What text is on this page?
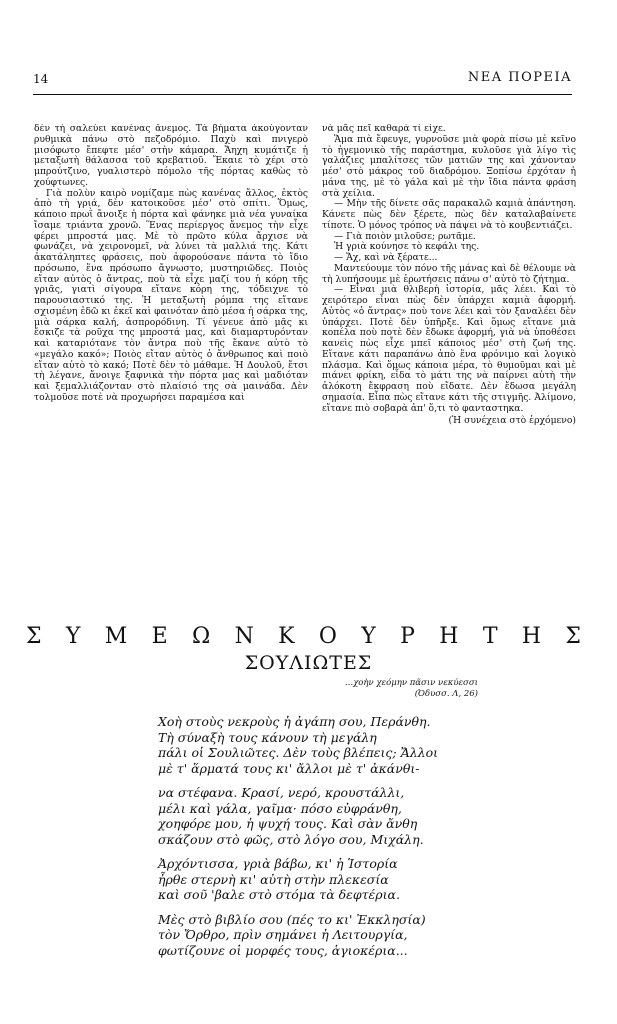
14	ΝΕΑ ΠΟΡΕΙΑ

δὲν τὴ σαλεύει κανένας ἄνεμος. Τὰ βήματα ἀκούγονταν ρυθμικὰ πάνω στὸ πεζοδρόμιο. Παχὺ καὶ πνιγερὸ μισόφωτο ἔπεφτε μέσ' στὴν κάμαρα. Ἄηχη κυμάτιζε ἡ μεταξωτὴ θάλασσα τοῦ κρεβατιοῦ. Ἔκαιε τὸ χέρι στὸ μπρούτζινο, γυαλιστερὸ πόμολο τῆς πόρτας καθὼς τὸ χούφτωνες.

Γιὰ πολὺν καιρὸ νομίζαμε πὼς κανένας ἄλλος, ἐκτὸς ἀπὸ τὴ γριά, δὲν κατοικοῦσε μέσ' στὸ σπίτι. Ὅμως, κάποιο πρωῒ ἄνοιξε ἡ πόρτα καὶ φάνηκε μιὰ νέα γυναίκα ἴσαμε τριάντα χρονῶ. Ἕνας περίεργος ἄνεμος τὴν εἶχε φέρει μπροστά μας. Μὲ τὸ πρῶτο κύλα ἄρχισε νὰ φωνάζει, νὰ χειρονομεῖ, νὰ λύνει τὰ μαλλιά της. Κάτι ἀκατάληπτες φράσεις, ποὺ ἀφορούσανε πάντα τὸ ἴδιο πρόσωπο, ἕνα πρόσωπο ἄγνωστο, μυστηριῶδες. Ποιὸς εἴταν αὐτὸς ὁ ἄντρας, ποὺ τὰ εἶχε μαζί του ἡ κόρη τῆς γριᾶς, γιατὶ σίγουρα εἴτανε κόρη της, τόδειχνε τὸ παρουσιαστικό της. Ἡ μεταξωτὴ ρόμπα της εἴτανε σχισμένη ἐδῶ κι ἐκεῖ καὶ φαινόταν ἀπὸ μέσα ἡ σάρκα της, μιὰ σάρκα καλή, ἀσπρορόδινη. Τί γένευε ἀπὸ μᾶς κι ἔσκιζε τὰ ροῦχα της μπροστά μας, καὶ διαμαρτυρόνταν καὶ καταριότανε τὸν ἄντρα ποὺ τῆς ἔκανε αὐτὸ τὸ «μεγάλο κακό»; Ποιὸς εἴταν αὐτὸς ὁ ἄνθρωπος καὶ ποιὸ εἴταν αὐτὸ τὸ κακό; Ποτὲ δὲν τὸ μάθαμε. Ἡ Δουλοῦ, ἔτσι τὴ λέγανε, ἄνοιγε ξαφνικὰ τὴν πόρτα μας καὶ μαδιόταν καὶ ξεμαλλιάζονταν στὸ πλαίσιό της σὰ μαινάδα. Δὲν τολμοῦσε ποτὲ νὰ προχωρήσει παραμέσα καὶ

νὰ μᾶς πεῖ καθαρὰ τί εἶχε.

Ἅμα πιὰ ἔφευγε, γυρνοῦσε μιὰ φορὰ πίσω μὲ κεῖνο τὸ ἡγεμονικὸ τῆς παράστημα, κυλοῦσε γιὰ λίγο τὶς γαλάζιες μπαλίτσες τῶν ματιῶν της καὶ χάνονταν μέσ' στὸ μάκρος τοῦ διαδρόμου. Ξοπίσω ἐρχόταν ἡ μάνα της, μὲ τὸ γάλα καὶ μὲ τὴν ἴδια πάντα φράση στὰ χείλια.

— Μὴν τῆς δίνετε σᾶς παρακαλῶ καμιὰ ἀπάντηση. Κάνετε πὼς δὲν ξέρετε, πὼς δὲν καταλαβαίνετε τίποτε. Ὁ μόνος τρόπος νὰ πάψει νὰ τὸ κουβεντιάζει.

— Γιὰ ποιὸν μιλοῦσε; ρωτᾶμε.

Ἡ γριὰ κούνησε τὸ κεφάλι της.

— Ἄχ, καὶ νὰ ξέρατε...

Μαντεύουμε τὸν πόνο τῆς μάνας καὶ δὲ θέλουμε νὰ τὴ λυπήσουμε μὲ ἐρωτήσεις πάνω σ' αὐτὸ τὸ ζήτημα.

— Εἶναι μιὰ θλιβερὴ ἱστορία, μᾶς λέει. Καὶ τὸ χειρότερο εἶναι πὼς δὲν ὑπάρχει καμιὰ ἀφορμή. Αὐτὸς «ὁ ἄντρας» ποὺ τονε λέει καὶ τὸν ξαναλέει δὲν ὑπάρχει. Ποτὲ δὲν ὑπῆρξε. Καὶ ὅμως εἴτανε μιὰ κοπέλα ποὺ ποτὲ δὲν ἔδωκε ἀφορμή, γιὰ νὰ ὑποθέσει κανεὶς πὼς εἶχε μπεῖ κάποιος μέσ' στὴ ζωή της. Εἴτανε κάτι παραπάνω ἀπὸ ἕνα φρόνιμο καὶ λογικὸ πλάσμα. Καὶ ὅμως κάποια μέρα, τὸ θυμοῦμαι καὶ μὲ πιάνει φρίκη, εἶδα τὸ μάτι της νὰ παίρνει αὐτὴ τὴν ἀλόκοτη ἔκφραση ποὺ εἴδατε. Δὲν ἔδωσα μεγάλη σημασία. Εἶπα πὼς εἴτανε κάτι τῆς στιγμῆς. Ἀλίμονο, εἴτανε πιὸ σοβαρὰ ἀπ' ὅ,τι τὸ φανταστηκα.

(Ἡ συνέχεια στὸ ἐρχόμενο)

Σ Υ Μ Ε Ω Ν Κ Ο Υ Ρ Η Τ Η Σ
ΣΟΥΛΙΩΤΕΣ
...χοὴν χεόμην πᾶσιν νεκύεσσι
(Ὀδυσσ. Λ, 26)
Χοὴ στοὺς νεκροὺς ἡ ἀγάπη σου, Περάνθη.
Τὴ σύναξὴ τους κάνουν τὴ μεγάλη
πάλι οἱ Σουλιῶτες. Δὲν τοὺς βλέπεις; Ἄλλοι
μὲ τ' ἅρματά τους κι' ἄλλοι μὲ τ' ἀκάνθι-
να στέφανα. Κρασί, νερό, κρουστάλλι,
μέλι καὶ γάλα, γαῖμα· πόσο εὐφράνθη,
χοηφόρε μου, ἡ ψυχή τους. Καὶ σὰν ἄνθη
σκάζουν στὸ φῶς, στὸ λόγο σου, Μιχάλη.
Ἀρχόντισσα, γριὰ βάβω, κι' ἡ Ἱστορία
ἦρθε στερνὴ κι' αὐτὴ στὴν πλεκεσία
καὶ σοῦ 'βαλε στὸ στόμα τὰ δεφτέρια.
Μὲς στὸ βιβλίο σου (πές το κι' Ἐκκλησία)
τὸν Ὄρθρο, πρὶν σημάνει ἡ Λειτουργία,
φωτίζουνε οἱ μορφές τους, ἁγιοκέρια...
